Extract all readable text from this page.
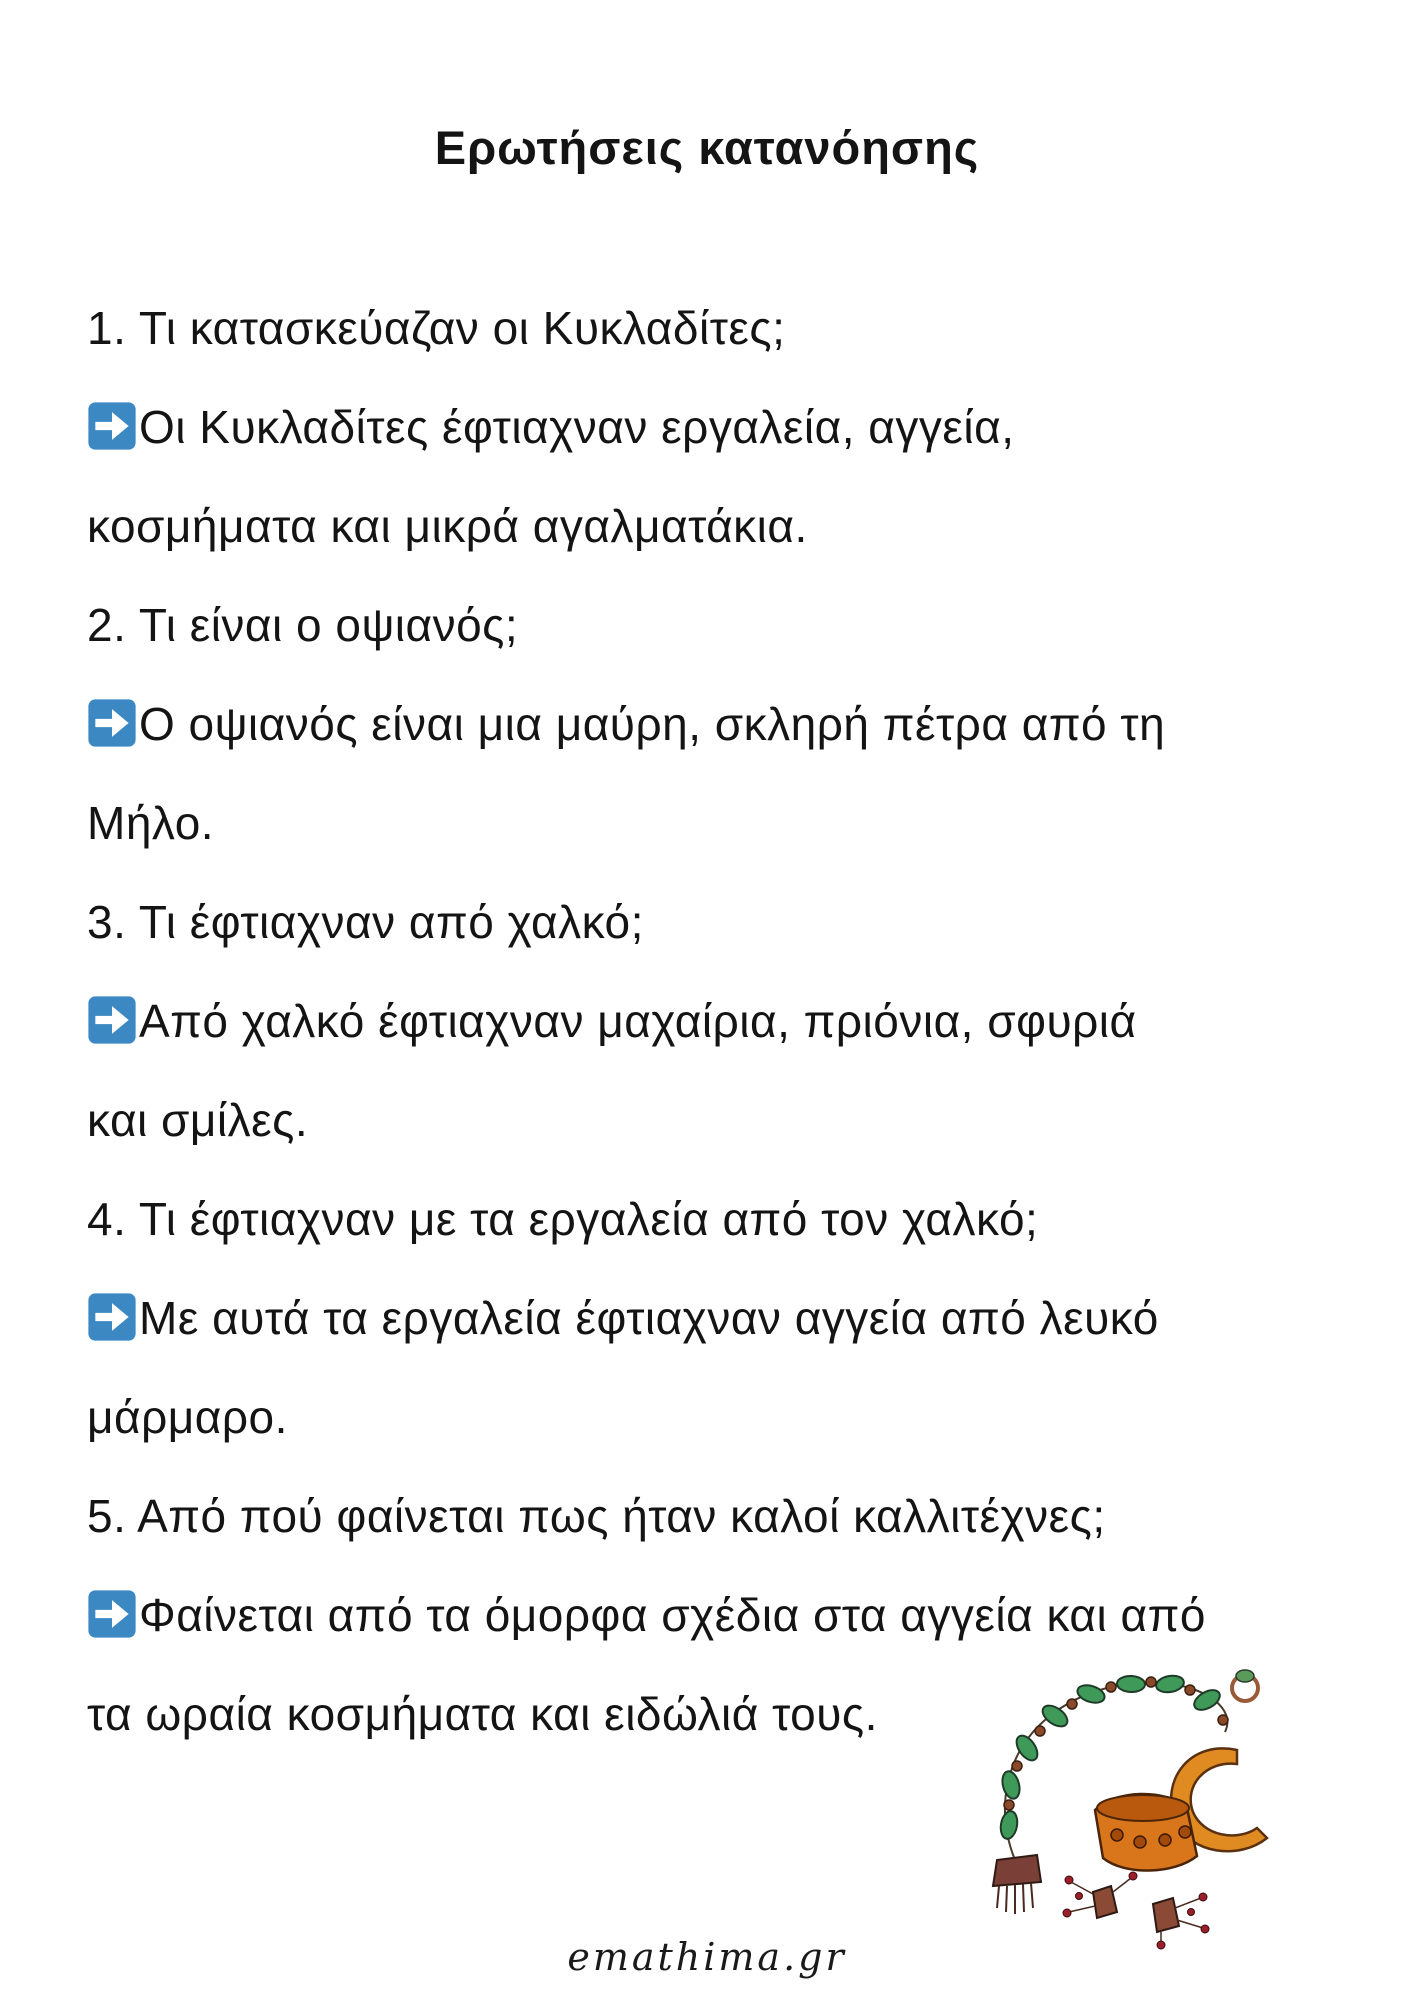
Ερωτήσεις κατανόησης
1. Τι κατασκεύαζαν οι Κυκλαδίτες;
Οι Κυκλαδίτες έφτιαχναν εργαλεία, αγγεία,
κοσμήματα και μικρά αγαλματάκια.
2. Τι είναι ο οψιανός;
Ο οψιανός είναι μια μαύρη, σκληρή πέτρα από τη
Μήλο.
3. Τι έφτιαχναν από χαλκό;
Από χαλκό έφτιαχναν μαχαίρια, πριόνια, σφυριά
και σμίλες.
4. Τι έφτιαχναν με τα εργαλεία από τον χαλκό;
Με αυτά τα εργαλεία έφτιαχναν αγγεία από λευκό
μάρμαρο.
5. Από πού φαίνεται πως ήταν καλοί καλλιτέχνες;
Φαίνεται από τα όμορφα σχέδια στα αγγεία και από
τα ωραία κοσμήματα και ειδώλιά τους.
emathima.gr
